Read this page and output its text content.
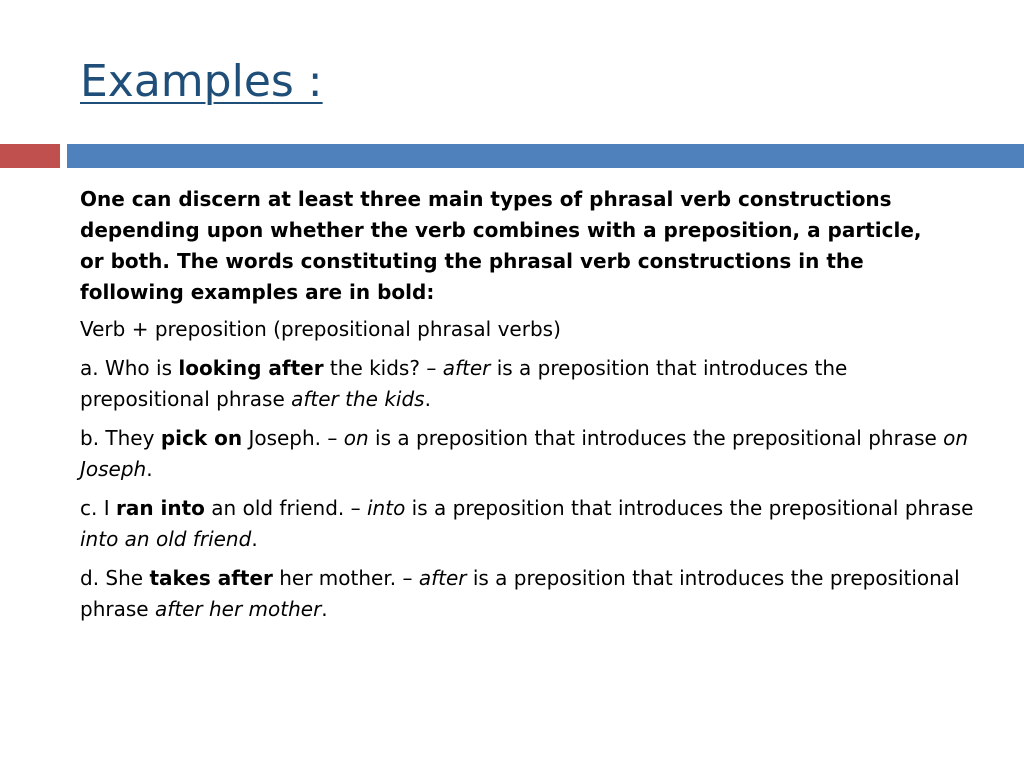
Examples :

One can discern at least three main types of phrasal verb constructions depending upon whether the verb combines with a preposition, a particle, or both. The words constituting the phrasal verb constructions in the following examples are in bold:

Verb + preposition (prepositional phrasal verbs)

a. Who is looking after the kids? – after is a preposition that introduces the prepositional phrase after the kids.

b. They pick on Joseph. – on is a preposition that introduces the prepositional phrase on Joseph.

c. I ran into an old friend. – into is a preposition that introduces the prepositional phrase into an old friend.

d. She takes after her mother. – after is a preposition that introduces the prepositional phrase after her mother.
